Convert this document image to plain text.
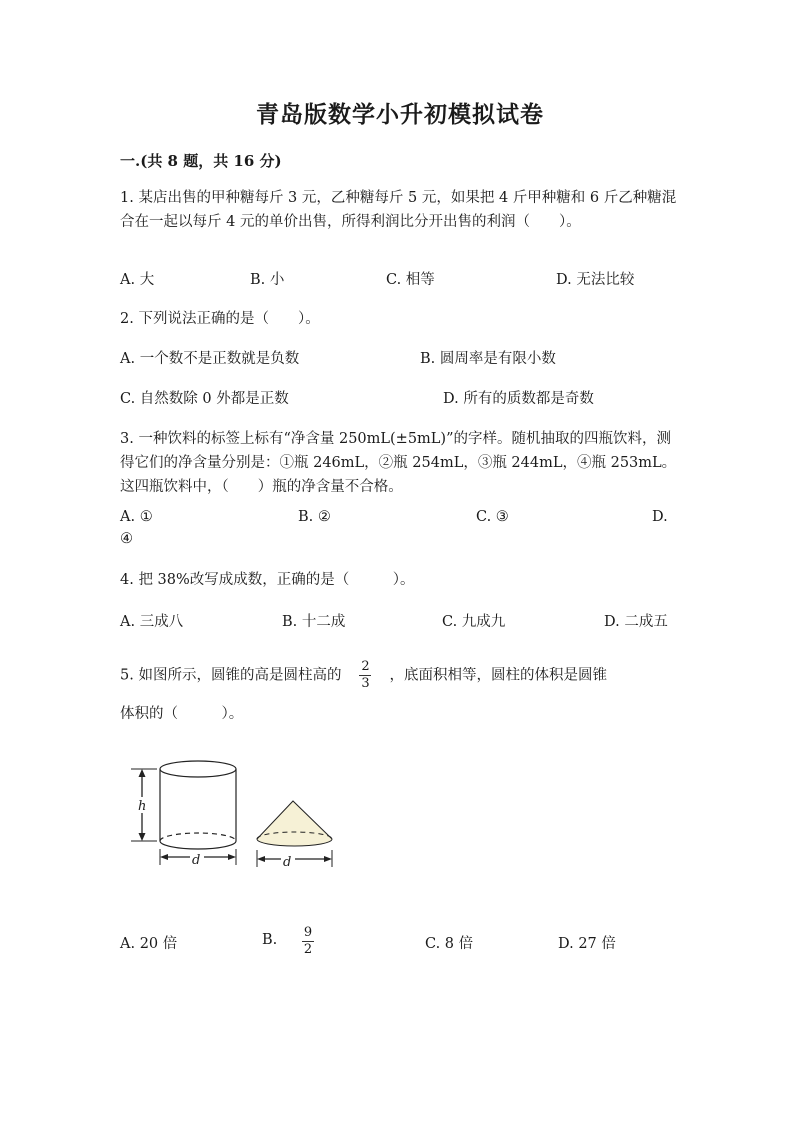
青岛版数学小升初模拟试卷
一.(共 8 题，共 16 分)
1. 某店出售的甲种糖每斤 3 元，乙种糖每斤 5 元，如果把 4 斤甲种糖和 6 斤乙种糖混合在一起以每斤 4 元的单价出售，所得利润比分开出售的利润（　　）。
A. 大	B. 小	C. 相等	D. 无法比较
2. 下列说法正确的是（　　）。
A. 一个数不是正数就是负数	B. 圆周率是有限小数
C. 自然数除 0 外都是正数	D. 所有的质数都是奇数
3. 一种饮料的标签上标有“净含量 250mL(±5mL)”的字样。随机抽取的四瓶饮料，测得它们的净含量分别是：①瓶 246mL，②瓶 254mL，③瓶 244mL，④瓶 253mL。这四瓶饮料中，（　　）瓶的净含量不合格。
A. ①	B. ②	C. ③	D.
④
4. 把 38%改写成成数，正确的是（　　　）。
A. 三成八	B. 十二成	C. 九成九	D. 二成五
5. 如图所示，圆锥的高是圆柱高的 $\frac{2}{3}$ ，底面积相等，圆柱的体积是圆锥
体积的（　　　）。
h
d	d
A. 20 倍	B. $\frac{9}{2}$	C. 8 倍	D. 27 倍
